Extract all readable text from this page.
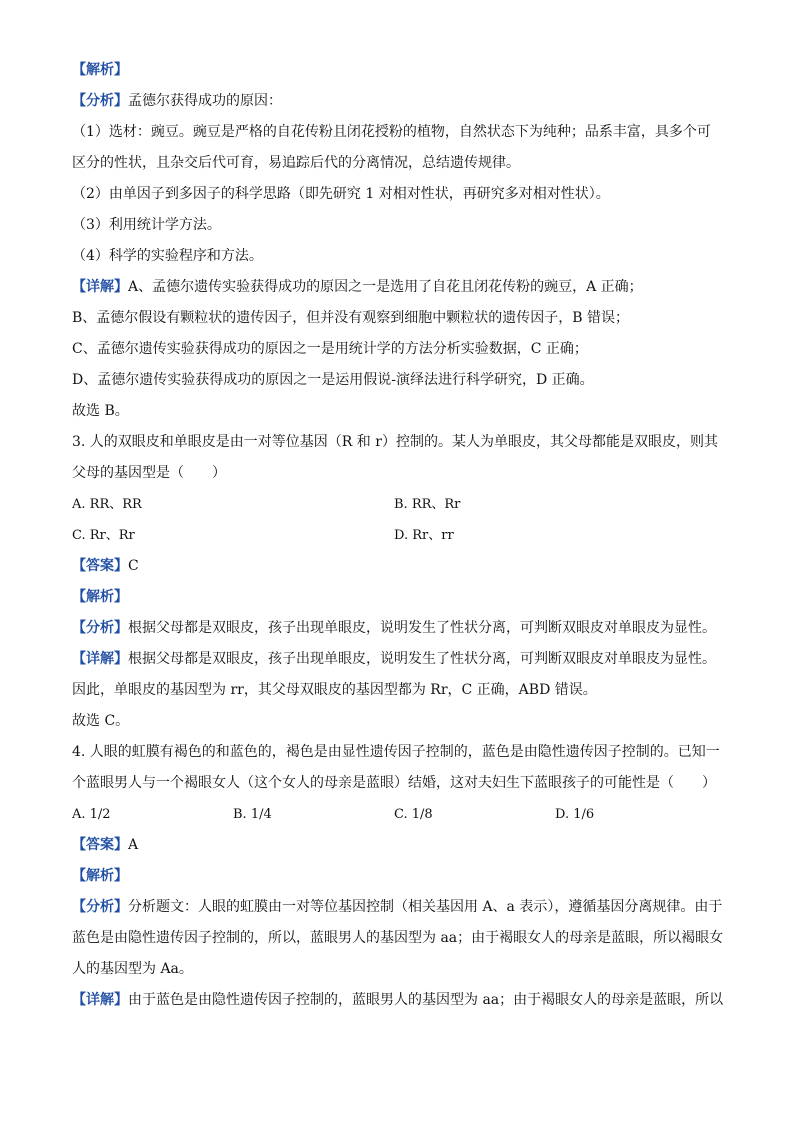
【解析】
【分析】孟德尔获得成功的原因：
（1）选材：豌豆。豌豆是严格的自花传粉且闭花授粉的植物，自然状态下为纯种；品系丰富，具多个可
区分的性状，且杂交后代可育，易追踪后代的分离情况，总结遗传规律。
（2）由单因子到多因子的科学思路（即先研究 1 对相对性状，再研究多对相对性状）。
（3）利用统计学方法。
（4）科学的实验程序和方法。
【详解】A、孟德尔遗传实验获得成功的原因之一是选用了自花且闭花传粉的豌豆，A 正确；
B、孟德尔假设有颗粒状的遗传因子，但并没有观察到细胞中颗粒状的遗传因子，B 错误；
C、孟德尔遗传实验获得成功的原因之一是用统计学的方法分析实验数据，C 正确；
D、孟德尔遗传实验获得成功的原因之一是运用假说-演绎法进行科学研究，D 正确。
故选 B。
3. 人的双眼皮和单眼皮是由一对等位基因（R 和 r）控制的。某人为单眼皮，其父母都能是双眼皮，则其
父母的基因型是（　　）
A. RR、RR	B. RR、Rr
C. Rr、Rr	D. Rr、rr
【答案】C
【解析】
【分析】根据父母都是双眼皮，孩子出现单眼皮，说明发生了性状分离，可判断双眼皮对单眼皮为显性。
【详解】根据父母都是双眼皮，孩子出现单眼皮，说明发生了性状分离，可判断双眼皮对单眼皮为显性。
因此，单眼皮的基因型为 rr，其父母双眼皮的基因型都为 Rr，C 正确，ABD 错误。
故选 C。
4. 人眼的虹膜有褐色的和蓝色的，褐色是由显性遗传因子控制的，蓝色是由隐性遗传因子控制的。已知一
个蓝眼男人与一个褐眼女人（这个女人的母亲是蓝眼）结婚，这对夫妇生下蓝眼孩子的可能性是（　　）
A. 1/2	B. 1/4	C. 1/8	D. 1/6
【答案】A
【解析】
【分析】分析题文：人眼的虹膜由一对等位基因控制（相关基因用 A、a 表示），遵循基因分离规律。由于
蓝色是由隐性遗传因子控制的，所以，蓝眼男人的基因型为 aa；由于褐眼女人的母亲是蓝眼，所以褐眼女
人的基因型为 Aa。
【详解】由于蓝色是由隐性遗传因子控制的，蓝眼男人的基因型为 aa；由于褐眼女人的母亲是蓝眼，所以
